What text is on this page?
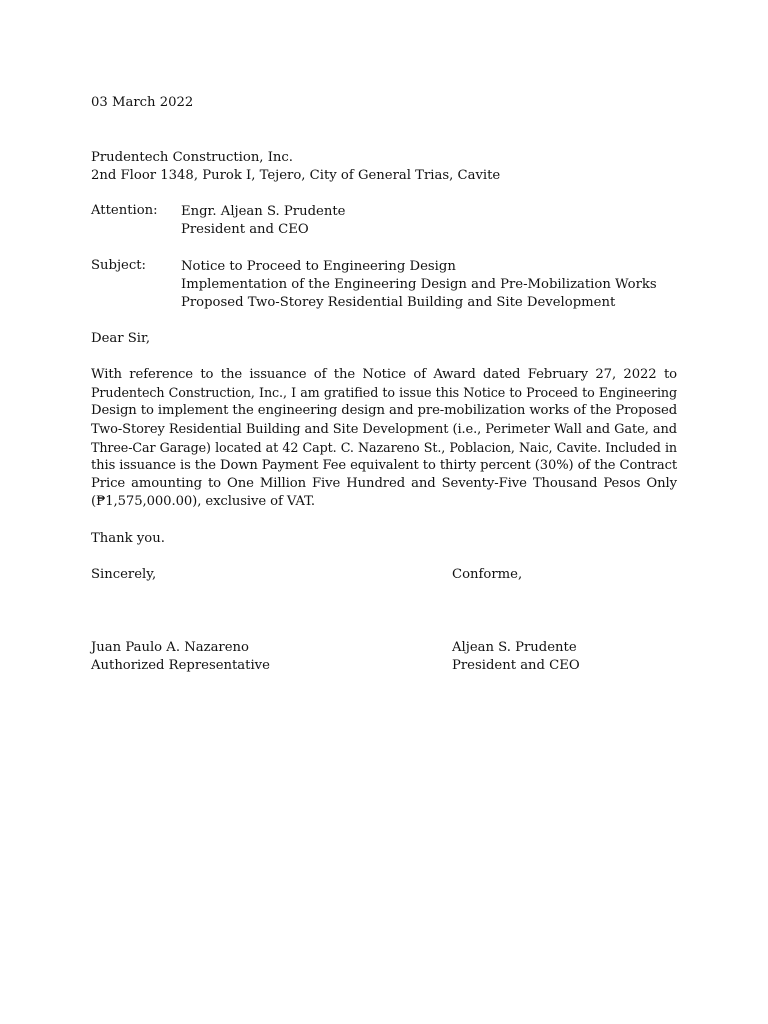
03 March 2022
Prudentech Construction, Inc.
2nd Floor 1348, Purok I, Tejero, City of General Trias, Cavite
Attention:	Engr. Aljean S. Prudente
President and CEO
Subject:	Notice to Proceed to Engineering Design
Implementation of the Engineering Design and Pre-Mobilization Works
Proposed Two-Storey Residential Building and Site Development
Dear Sir,
With reference to the issuance of the Notice of Award dated February 27, 2022 to
Prudentech Construction, Inc., I am gratified to issue this Notice to Proceed to Engineering
Design to implement the engineering design and pre-mobilization works of the Proposed
Two-Storey Residential Building and Site Development (i.e., Perimeter Wall and Gate, and
Three-Car Garage) located at 42 Capt. C. Nazareno St., Poblacion, Naic, Cavite. Included in
this issuance is the Down Payment Fee equivalent to thirty percent (30%) of the Contract
Price amounting to One Million Five Hundred and Seventy-Five Thousand Pesos Only
(₱1,575,000.00), exclusive of VAT.
Thank you.
Sincerely,	Conforme,
Juan Paulo A. Nazareno
Authorized Representative
Aljean S. Prudente
President and CEO
